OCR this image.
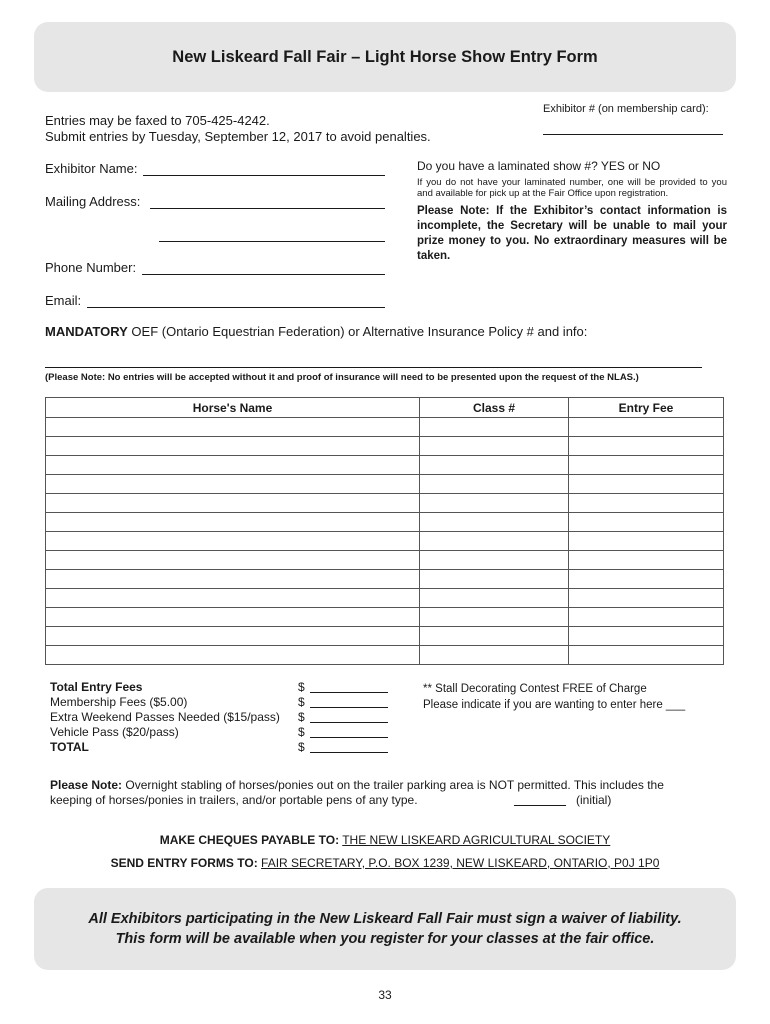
New Liskeard Fall Fair – Light Horse Show Entry Form
Entries may be faxed to 705-425-4242.
Submit entries by Tuesday, September 12, 2017 to avoid penalties.
Exhibitor # (on membership card):
Exhibitor Name:
Mailing Address:
Phone Number:
Email:
Do you have a laminated show #? YES or NO
If you do not have your laminated number, one will be provided to you and available for pick up at the Fair Office upon registration.
Please Note: If the Exhibitor’s contact information is incomplete, the Secretary will be unable to mail your prize money to you. No extraordinary measures will be taken.
MANDATORY OEF (Ontario Equestrian Federation) or Alternative Insurance Policy # and info:
(Please Note: No entries will be accepted without it and proof of insurance will need to be presented upon the request of the NLAS.)
Horse's Name	Class #	Entry Fee

Total Entry Fees	$
Membership Fees ($5.00)	$
Extra Weekend Passes Needed ($15/pass)	$
Vehicle Pass ($20/pass)	$
TOTAL	$
** Stall Decorating Contest FREE of Charge
Please indicate if you are wanting to enter here ___
Please Note: Overnight stabling of horses/ponies out on the trailer parking area is NOT permitted. This includes the
keeping of horses/ponies in trailers, and/or portable pens of any type.	(initial)
MAKE CHEQUES PAYABLE TO: THE NEW LISKEARD AGRICULTURAL SOCIETY
SEND ENTRY FORMS TO: FAIR SECRETARY, P.O. BOX 1239, NEW LISKEARD, ONTARIO, P0J 1P0
All Exhibitors participating in the New Liskeard Fall Fair must sign a waiver of liability.
This form will be available when you register for your classes at the fair office.
33
